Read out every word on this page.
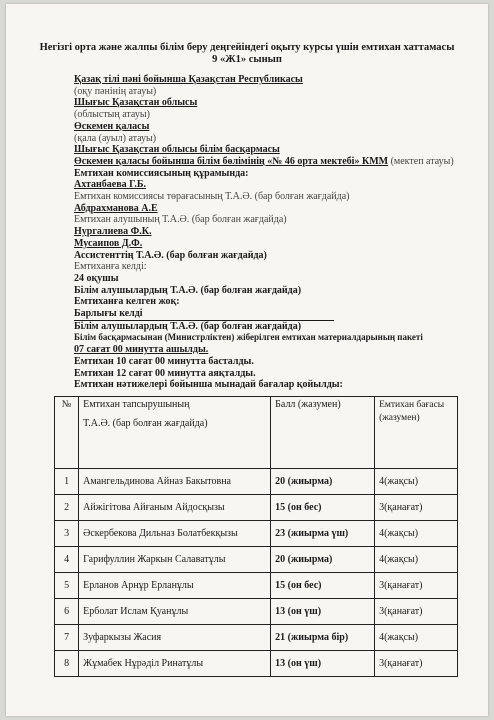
Негізгі орта және жалпы білім беру деңгейіндегі оқыту курсы үшін емтихан хаттамасы
9 «Ж1» сынып
Қазақ тілі пәні бойынша Қазақстан Республикасы
(оқу пәнінің атауы)
Шығыс Қазақстан облысы
(облыстың атауы)
Өскемен қаласы
(қала (ауыл) атауы)
Шығыс Қазақстан облысы білім басқармасы
Өскемен қаласы бойынша білім бөлімінің «№ 46 орта мектебі» КММ (мектеп атауы)
Емтихан комиссиясының құрамында:
Ахтанбаева Г.Б.
Емтихан комиссиясы төрағасының Т.А.Ә. (бар болған жағдайда)
Абдрахманова А.Е
Емтихан алушының Т.А.Ә. (бар болған жағдайда)
Нургалиева Ф.К.
Мусаипов Д.Ф.
Ассистенттің Т.А.Ә. (бар болған жағдайда)
Емтиханға келді:
24 оқушы
Білім алушылардың Т.А.Ә. (бар болған жағдайда)
Емтиханға келген жоқ:
Барлығы келді
Білім алушылардың Т.А.Ә. (бар болған жағдайда)
Білім басқармасынан (Министрліктен) жіберілген емтихан материалдарының пакеті
07 сағат 00 минутта ашылды.
Емтихан 10 сағат 00 минутта басталды.
Емтихан 12 сағат 00 минутта аяқталды.
Емтихан нәтижелері бойынша мынадай бағалар қойылды:
№	Емтихан тапсырушының
Т.А.Ә. (бар болған жағдайда)	Балл (жазумен)	Емтихан бағасы (жазумен)
1	Амангельдинова Айназ Бакытовна	20 (жиырма)	4(жақсы)
2	Айжігітова Айғаным Айдосқызы	15 (он бес)	3(қанағат)
3	Әскербекова Дильназ Болатбекқызы	23 (жиырма үш)	4(жақсы)
4	Гарифуллин Жаркын Салаватұлы	20 (жиырма)	4(жақсы)
5	Ерланов Арнұр Ерланұлы	15 (он бес)	3(қанағат)
6	Ерболат Ислам Қуанұлы	13 (он үш)	3(қанағат)
7	Зуфаркызы Жасия	21 (жиырма бір)	4(жақсы)
8	Жұмабек Нұрәділ Ринатұлы	13 (он үш)	3(қанағат)
